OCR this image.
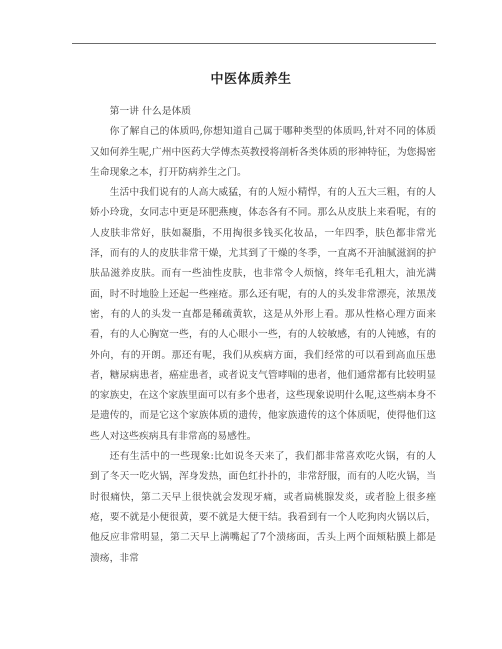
中医体质养生

第一讲 什么是体质

你了解自己的体质吗,你想知道自己属于哪种类型的体质吗,针对不同的体质又如何养生呢,广州中医药大学傅杰英教授将剖析各类体质的形神特征，为您揭密生命现象之本，打开防病养生之门。

生活中我们说有的人高大威猛，有的人短小精悍，有的人五大三粗，有的人娇小玲珑，女同志中更是环肥燕瘦，体态各有不同。那么从皮肤上来看呢，有的人皮肤非常好，肤如凝脂，不用掏很多钱买化妆品，一年四季，肤色都非常光泽，而有的人的皮肤非常干燥，尤其到了干燥的冬季，一直离不开油腻滋润的护肤品滋养皮肤。而有一些油性皮肤，也非常令人烦恼，终年毛孔粗大，油光满面，时不时地脸上还起一些痤疮。那么还有呢，有的人的头发非常漂亮，浓黑茂密，有的人的头发一直都是稀疏黄软，这是从外形上看。那从性格心理方面来看，有的人心胸宽一些，有的人心眼小一些，有的人较敏感，有的人钝感，有的外向，有的开朗。那还有呢，我们从疾病方面，我们经常的可以看到高血压患者，糖尿病患者，癌症患者，或者说支气管哮喘的患者，他们通常都有比较明显的家族史，在这个家族里面可以有多个患者，这些现象说明什么呢,这些病本身不是遗传的，而是它这个家族体质的遗传，他家族遗传的这个体质呢，使得他们这些人对这些疾病具有非常高的易感性。

还有生活中的一些现象:比如说冬天来了，我们都非常喜欢吃火锅，有的人到了冬天一吃火锅，浑身发热，面色红扑扑的，非常舒服，而有的人吃火锅，当时很痛快，第二天早上很快就会发现牙痛，或者扁桃腺发炎，或者脸上很多痤疮，要不就是小便很黄，要不就是大便干结。我看到有一个人吃狗肉火锅以后，他反应非常明显，第二天早上满嘴起了7个溃疡面，舌头上两个面颊粘膜上都是溃疡，非常
